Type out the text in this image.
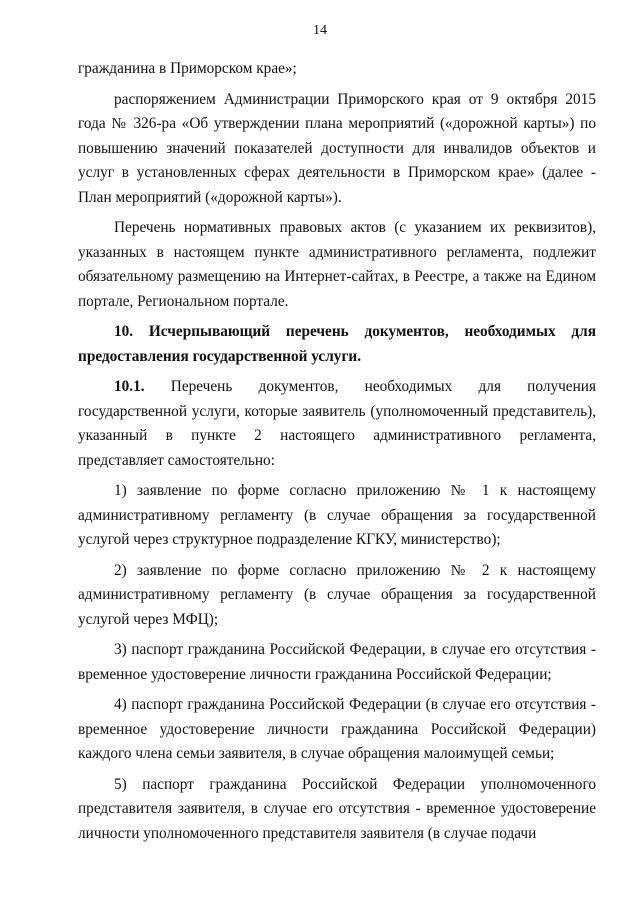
14

гражданина в Приморском крае»;

распоряжением Администрации Приморского края от 9 октября 2015 года № 326-ра «Об утверждении плана мероприятий («дорожной карты») по повышению значений показателей доступности для инвалидов объектов и услуг в установленных сферах деятельности в Приморском крае» (далее - План мероприятий («дорожной карты»).

Перечень нормативных правовых актов (с указанием их реквизитов), указанных в настоящем пункте административного регламента, подлежит обязательному размещению на Интернет-сайтах, в Реестре, а также на Едином портале, Региональном портале.

10. Исчерпывающий перечень документов, необходимых для предоставления государственной услуги.

10.1. Перечень документов, необходимых для получения государственной услуги, которые заявитель (уполномоченный представитель), указанный в пункте 2 настоящего административного регламента, представляет самостоятельно:

1) заявление по форме согласно приложению № 1 к настоящему административному регламенту (в случае обращения за государственной услугой через структурное подразделение КГКУ, министерство);

2) заявление по форме согласно приложению № 2 к настоящему административному регламенту (в случае обращения за государственной услугой через МФЦ);

3) паспорт гражданина Российской Федерации, в случае его отсутствия - временное удостоверение личности гражданина Российской Федерации;

4) паспорт гражданина Российской Федерации (в случае его отсутствия - временное удостоверение личности гражданина Российской Федерации) каждого члена семьи заявителя, в случае обращения малоимущей семьи;

5) паспорт гражданина Российской Федерации уполномоченного представителя заявителя, в случае его отсутствия - временное удостоверение личности уполномоченного представителя заявителя (в случае подачи
